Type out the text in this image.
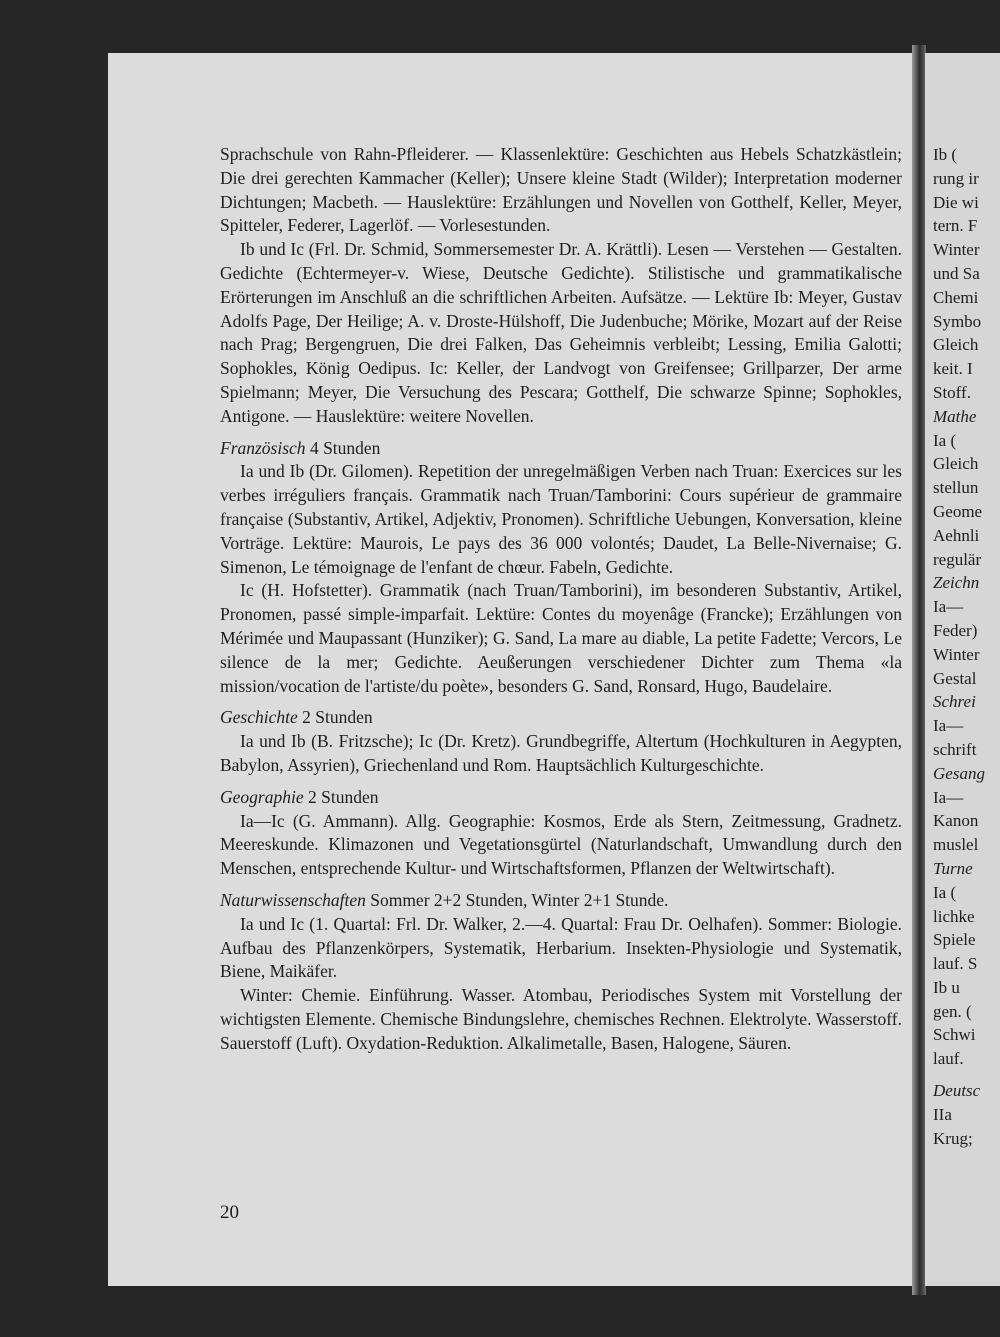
Sprachschule von Rahn-Pfleiderer. — Klassenlektüre: Geschichten aus Hebels Schatzkästlein; Die drei gerechten Kammacher (Keller); Unsere kleine Stadt (Wilder); Interpretation moderner Dichtungen; Macbeth. — Hauslektüre: Erzählungen und Novellen von Gotthelf, Keller, Meyer, Spitteler, Federer, Lagerlöf. — Vorlesestunden.

Ib und Ic (Frl. Dr. Schmid, Sommersemester Dr. A. Krättli). Lesen — Verstehen — Gestalten. Gedichte (Echtermeyer-v. Wiese, Deutsche Gedichte). Stilistische und grammatikalische Erörterungen im Anschluß an die schriftlichen Arbeiten. Aufsätze. — Lektüre Ib: Meyer, Gustav Adolfs Page, Der Heilige; A. v. Droste-Hülshoff, Die Judenbuche; Mörike, Mozart auf der Reise nach Prag; Bergengruen, Die drei Falken, Das Geheimnis verbleibt; Lessing, Emilia Galotti; Sophokles, König Oedipus. Ic: Keller, der Landvogt von Greifensee; Grillparzer, Der arme Spielmann; Meyer, Die Versuchung des Pescara; Gotthelf, Die schwarze Spinne; Sophokles, Antigone. — Hauslektüre: weitere Novellen.

Französisch 4 Stunden

Ia und Ib (Dr. Gilomen). Repetition der unregelmäßigen Verben nach Truan: Exercices sur les verbes irréguliers français. Grammatik nach Truan/Tamborini: Cours supérieur de grammaire française (Substantiv, Artikel, Adjektiv, Pronomen). Schriftliche Uebungen, Konversation, kleine Vorträge. Lektüre: Maurois, Le pays des 36 000 volontés; Daudet, La Belle-Nivernaise; G. Simenon, Le témoignage de l'enfant de chœur. Fabeln, Gedichte.

Ic (H. Hofstetter). Grammatik (nach Truan/Tamborini), im besonderen Substantiv, Artikel, Pronomen, passé simple-imparfait. Lektüre: Contes du moyenâge (Francke); Erzählungen von Mérimée und Maupassant (Hunziker); G. Sand, La mare au diable, La petite Fadette; Vercors, Le silence de la mer; Gedichte. Aeußerungen verschiedener Dichter zum Thema «la mission/vocation de l'artiste/du poète», besonders G. Sand, Ronsard, Hugo, Baudelaire.

Geschichte 2 Stunden

Ia und Ib (B. Fritzsche); Ic (Dr. Kretz). Grundbegriffe, Altertum (Hochkulturen in Aegypten, Babylon, Assyrien), Griechenland und Rom. Hauptsächlich Kulturgeschichte.

Geographie 2 Stunden

Ia—Ic (G. Ammann). Allg. Geographie: Kosmos, Erde als Stern, Zeitmessung, Gradnetz. Meereskunde. Klimazonen und Vegetationsgürtel (Naturlandschaft, Umwandlung durch den Menschen, entsprechende Kultur- und Wirtschaftsformen, Pflanzen der Weltwirtschaft).

Naturwissenschaften Sommer 2+2 Stunden, Winter 2+1 Stunde.

Ia und Ic (1. Quartal: Frl. Dr. Walker, 2.—4. Quartal: Frau Dr. Oelhafen). Sommer: Biologie. Aufbau des Pflanzenkörpers, Systematik, Herbarium. Insekten-Physiologie und Systematik, Biene, Maikäfer.

Winter: Chemie. Einführung. Wasser. Atombau, Periodisches System mit Vorstellung der wichtigsten Elemente. Chemische Bindungslehre, chemisches Rechnen. Elektrolyte. Wasserstoff. Sauerstoff (Luft). Oxydation-Reduktion. Alkalimetalle, Basen, Halogene, Säuren.

20
Ib (
rung ir
Die wi
tern. F
Winter
und Sa
Chemi
Symbo
Gleich
keit. I
Stoff.
Mathe
Ia (
Gleich
stellun
Geome
Aehnli
regulär
Zeichn
Ia—
Feder)
Winter
Gestal
Schrei
Ia—
schrift
Gesang
Ia—
Kanon
muslel
Turne
Ia (
lichke
Spiele
lauf. S
Ib u
gen. (
Schwi
lauf.
Deutsc
IIa
Krug;
